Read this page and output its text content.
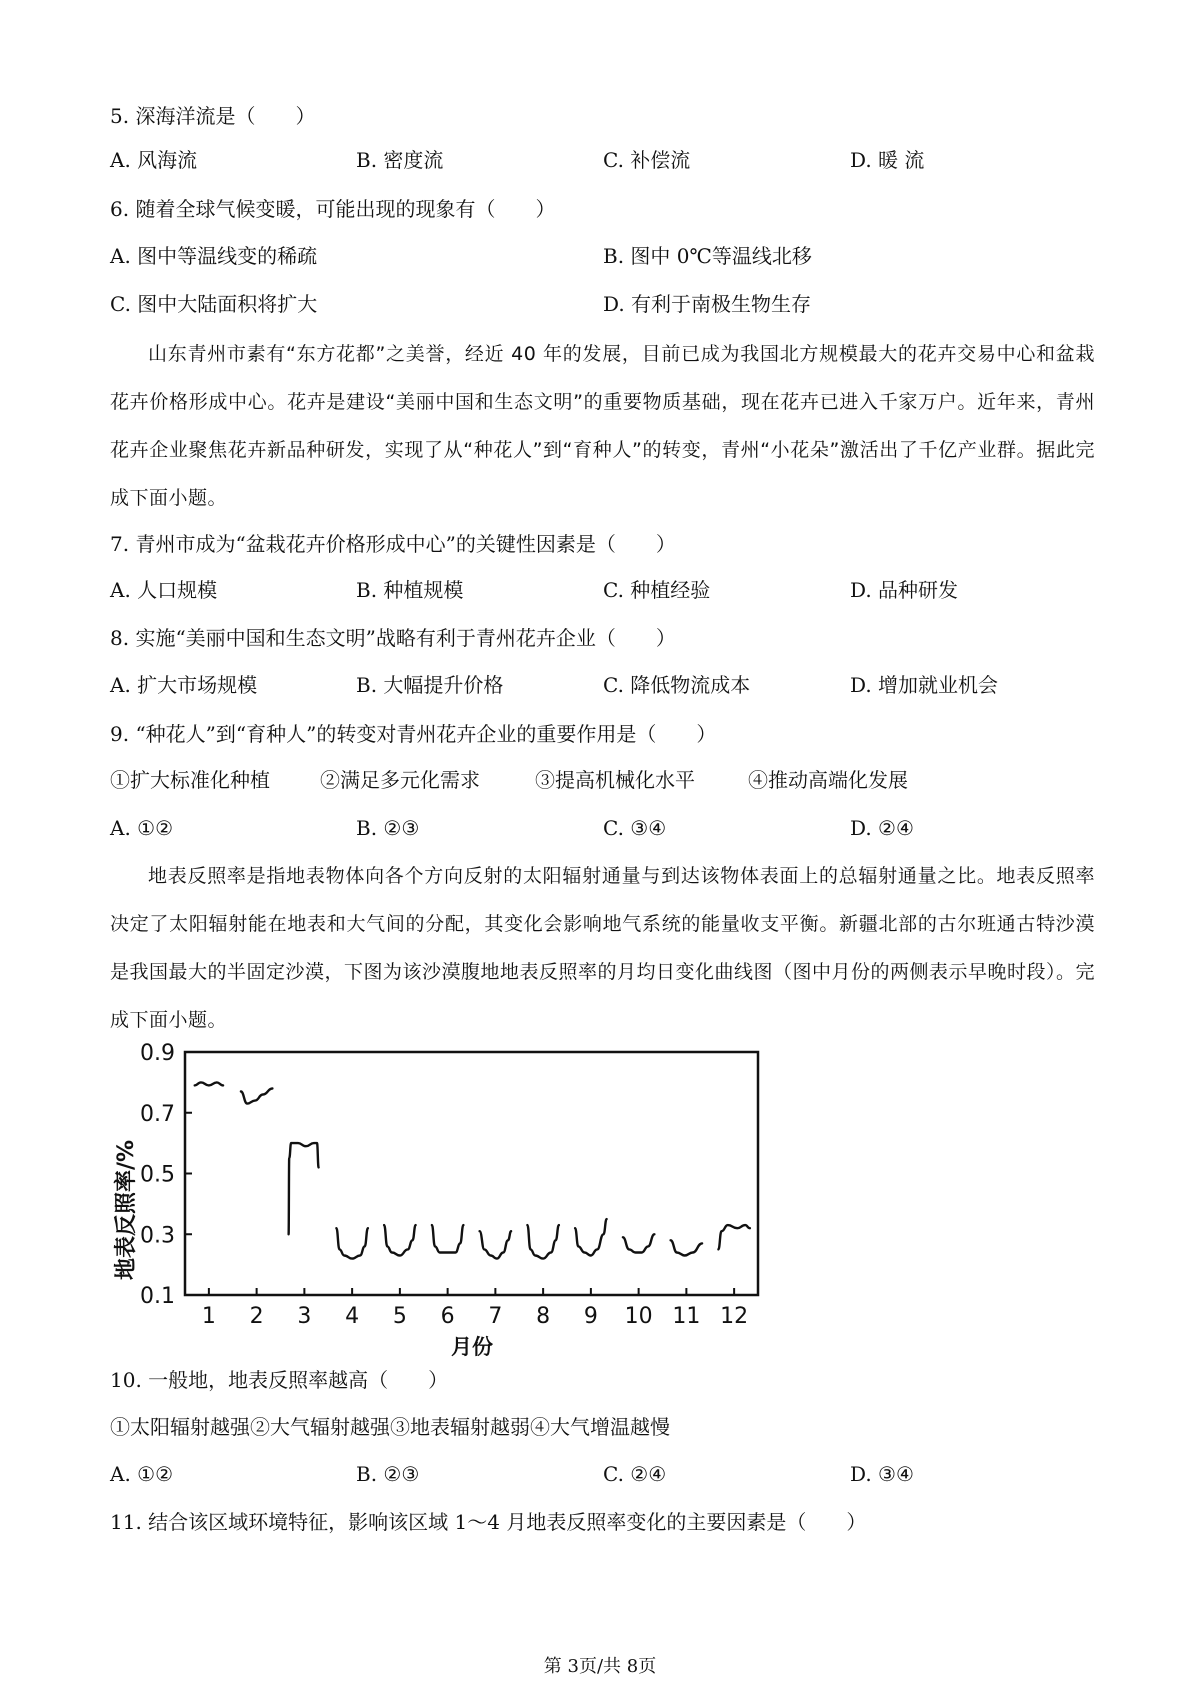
5. 深海洋流是（　　）
A. 风海流	B. 密度流	C. 补偿流	D. 暖 流
6. 随着全球气候变暖，可能出现的现象有（　　）
A. 图中等温线变的稀疏	B. 图中 0℃等温线北移
C. 图中大陆面积将扩大	D. 有利于南极生物生存
山东青州市素有“东方花都”之美誉，经近 40 年的发展，目前已成为我国北方规模最大的花卉交易中心和盆栽花卉价格形成中心。花卉是建设“美丽中国和生态文明”的重要物质基础，现在花卉已进入千家万户。近年来，青州花卉企业聚焦花卉新品种研发，实现了从“种花人”到“育种人”的转变，青州“小花朵”激活出了千亿产业群。据此完成下面小题。
7. 青州市成为“盆栽花卉价格形成中心”的关键性因素是（　　）
A. 人口规模	B. 种植规模	C. 种植经验	D. 品种研发
8. 实施“美丽中国和生态文明”战略有利于青州花卉企业（　　）
A. 扩大市场规模	B. 大幅提升价格	C. 降低物流成本	D. 增加就业机会
9. “种花人”到“育种人”的转变对青州花卉企业的重要作用是（　　）
①扩大标准化种植	②满足多元化需求	③提高机械化水平	④推动高端化发展
A. ①②	B. ②③	C. ③④	D. ②④
地表反照率是指地表物体向各个方向反射的太阳辐射通量与到达该物体表面上的总辐射通量之比。地表反照率决定了太阳辐射能在地表和大气间的分配，其变化会影响地气系统的能量收支平衡。新疆北部的古尔班通古特沙漠是我国最大的半固定沙漠，下图为该沙漠腹地地表反照率的月均日变化曲线图（图中月份的两侧表示早晚时段）。完成下面小题。
0.9
0.7
0.5
0.3
0.1
1 2 3 4 5 6 7 8 9 10 11 12
地表反照率/%
月份
10. 一般地，地表反照率越高（　　）
①太阳辐射越强②大气辐射越强③地表辐射越弱④大气增温越慢
A. ①②	B. ②③	C. ②④	D. ③④
11. 结合该区域环境特征，影响该区域 1～4 月地表反照率变化的主要因素是（　　）
第 3页/共 8页
